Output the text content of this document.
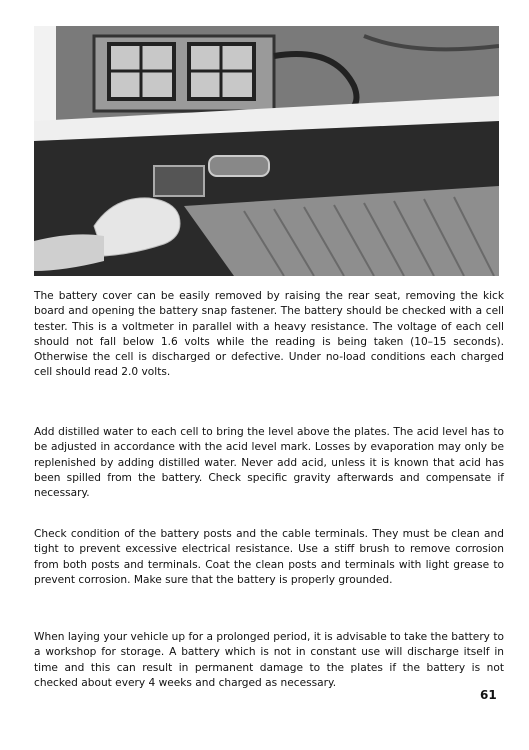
The battery cover can be easily removed by raising the rear seat, removing the kick board and opening the battery snap fastener. The battery should be checked with a cell tester. This is a voltmeter in parallel with a heavy resistance. The voltage of each cell should not fall below 1.6 volts while the reading is being taken (10–15 seconds). Otherwise the cell is discharged or defective. Under no-load conditions each charged cell should read 2.0 volts.

Add distilled water to each cell to bring the level above the plates. The acid level has to be adjusted in accordance with the acid level mark. Losses by evaporation may only be replenished by adding distilled water. Never add acid, unless it is known that acid has been spilled from the battery. Check specific gravity afterwards and compensate if necessary.

Check condition of the battery posts and the cable terminals. They must be clean and tight to prevent excessive electrical resistance. Use a stiff brush to remove corrosion from both posts and terminals. Coat the clean posts and terminals with light grease to prevent corrosion. Make sure that the battery is properly grounded.

When laying your vehicle up for a prolonged period, it is advisable to take the battery to a workshop for storage. A battery which is not in constant use will discharge itself in time and this can result in permanent damage to the plates if the battery is not checked about every 4 weeks and charged as necessary.

61
